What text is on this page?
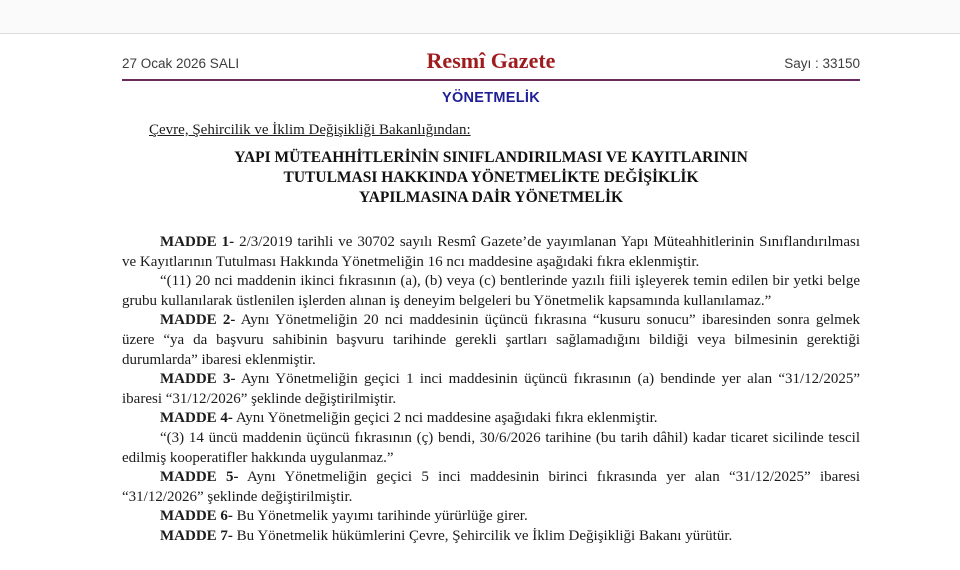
27 Ocak 2026 SALI	Resmî Gazete	Sayı : 33150
YÖNETMELİK
Çevre, Şehircilik ve İklim Değişikliği Bakanlığından:
YAPI MÜTEAHHİTLERİNİN SINIFLANDIRILMASI VE KAYITLARININ
TUTULMASI HAKKINDA YÖNETMELİKTE DEĞİŞİKLİK
YAPILMASINA DAİR YÖNETMELİK

MADDE 1- 2/3/2019 tarihli ve 30702 sayılı Resmî Gazete’de yayımlanan Yapı Müteahhitlerinin Sınıflandırılması ve Kayıtlarının Tutulması Hakkında Yönetmeliğin 16 ncı maddesine aşağıdaki fıkra eklenmiştir.

“(11) 20 nci maddenin ikinci fıkrasının (a), (b) veya (c) bentlerinde yazılı fiili işleyerek temin edilen bir yetki belge grubu kullanılarak üstlenilen işlerden alınan iş deneyim belgeleri bu Yönetmelik kapsamında kullanılamaz.”

MADDE 2- Aynı Yönetmeliğin 20 nci maddesinin üçüncü fıkrasına “kusuru sonucu” ibaresinden sonra gelmek üzere “ya da başvuru sahibinin başvuru tarihinde gerekli şartları sağlamadığını bildiği veya bilmesinin gerektiği durumlarda” ibaresi eklenmiştir.

MADDE 3- Aynı Yönetmeliğin geçici 1 inci maddesinin üçüncü fıkrasının (a) bendinde yer alan “31/12/2025” ibaresi “31/12/2026” şeklinde değiştirilmiştir.

MADDE 4- Aynı Yönetmeliğin geçici 2 nci maddesine aşağıdaki fıkra eklenmiştir.

“(3) 14 üncü maddenin üçüncü fıkrasının (ç) bendi, 30/6/2026 tarihine (bu tarih dâhil) kadar ticaret sicilinde tescil edilmiş kooperatifler hakkında uygulanmaz.”

MADDE 5- Aynı Yönetmeliğin geçici 5 inci maddesinin birinci fıkrasında yer alan “31/12/2025” ibaresi “31/12/2026” şeklinde değiştirilmiştir.

MADDE 6- Bu Yönetmelik yayımı tarihinde yürürlüğe girer.

MADDE 7- Bu Yönetmelik hükümlerini Çevre, Şehircilik ve İklim Değişikliği Bakanı yürütür.
